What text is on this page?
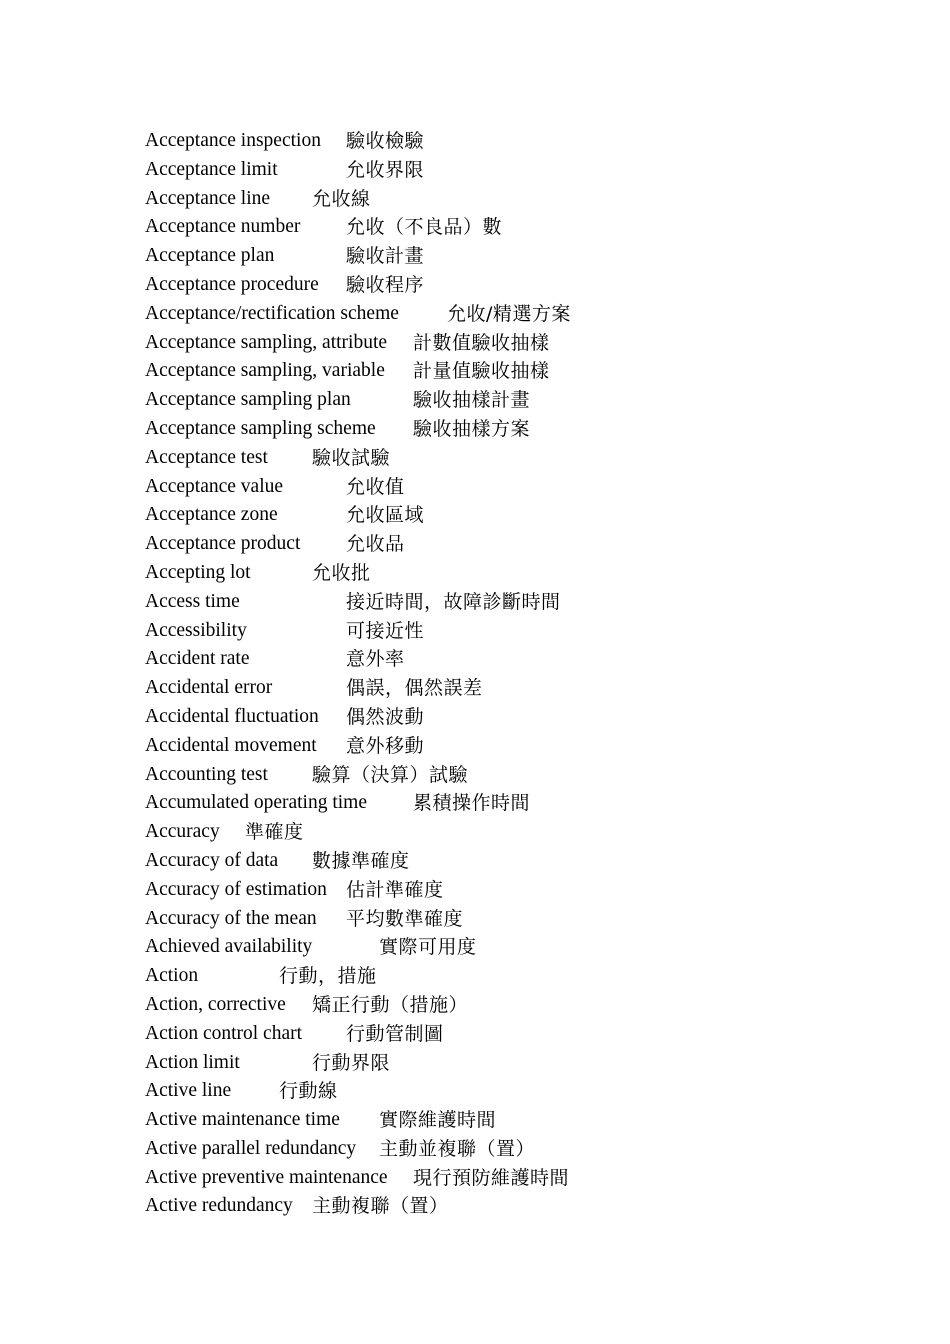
Acceptance inspection 驗收檢驗
Acceptance limit	允收界限
Acceptance line 允收線
Acceptance number 允收（不良品）數
Acceptance plan	驗收計畫
Acceptance procedure 驗收程序
Acceptance/rectification scheme	允收/精選方案
Acceptance sampling, attribute 計數值驗收抽樣
Acceptance sampling, variable 計量值驗收抽樣
Acceptance sampling plan	驗收抽樣計畫
Acceptance sampling scheme 驗收抽樣方案
Acceptance test 驗收試驗
Acceptance value	允收值
Acceptance zone	允收區域
Acceptance product 允收品
Accepting lot	允收批
Access time	接近時間，故障診斷時間
Accessibility	可接近性
Accident rate	意外率
Accidental error	偶誤，偶然誤差
Accidental fluctuation 偶然波動
Accidental movement 意外移動
Accounting test 驗算（決算）試驗
Accumulated operating time 累積操作時間
Accuracy 準確度
Accuracy of data 數據準確度
Accuracy of estimation 估計準確度
Accuracy of the mean 平均數準確度
Achieved availability	實際可用度
Action	行動，措施
Action, corrective 矯正行動（措施）
Action control chart 行動管制圖
Action limit	行動界限
Active line	行動線
Active maintenance time 實際維護時間
Active parallel redundancy 主動並複聯（置）
Active preventive maintenance 現行預防維護時間
Active redundancy 主動複聯（置）
